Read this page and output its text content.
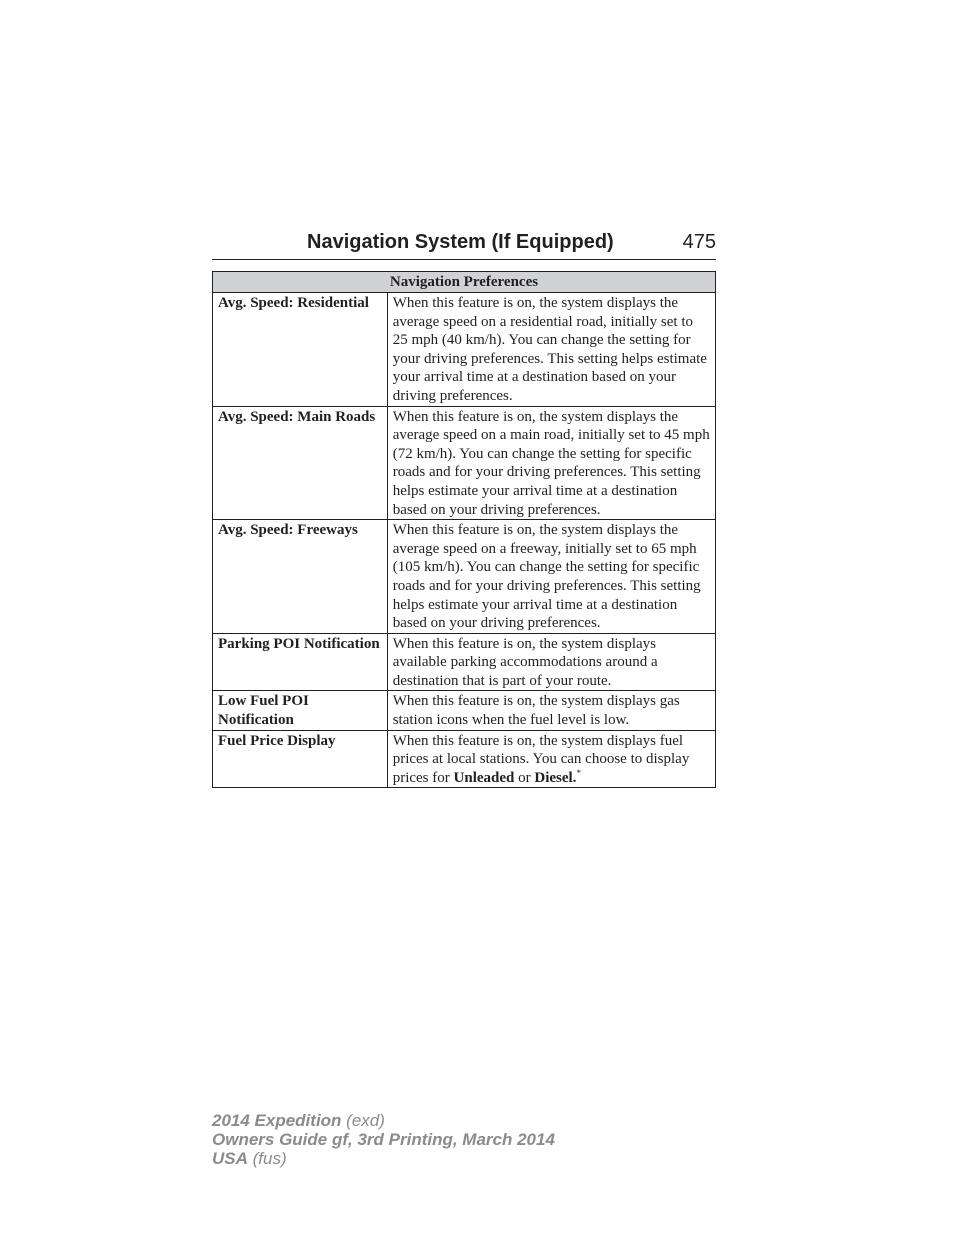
Navigation System (If Equipped)	475
Navigation Preferences	
Avg. Speed: Residential	When this feature is on, the system displays the average speed on a residential road, initially set to 25 mph (40 km/h). You can change the setting for your driving preferences. This setting helps estimate your arrival time at a destination based on your driving preferences.
Avg. Speed: Main Roads	When this feature is on, the system displays the average speed on a main road, initially set to 45 mph (72 km/h). You can change the setting for specific roads and for your driving preferences. This setting helps estimate your arrival time at a destination based on your driving preferences.
Avg. Speed: Freeways	When this feature is on, the system displays the average speed on a freeway, initially set to 65 mph (105 km/h). You can change the setting for specific roads and for your driving preferences. This setting helps estimate your arrival time at a destination based on your driving preferences.
Parking POI Notification	When this feature is on, the system displays available parking accommodations around a destination that is part of your route.
Low Fuel POI Notification	When this feature is on, the system displays gas station icons when the fuel level is low.
Fuel Price Display	When this feature is on, the system displays fuel prices at local stations. You can choose to display prices for Unleaded or Diesel.*
2014 Expedition (exd)
Owners Guide gf, 3rd Printing, March 2014
USA (fus)
